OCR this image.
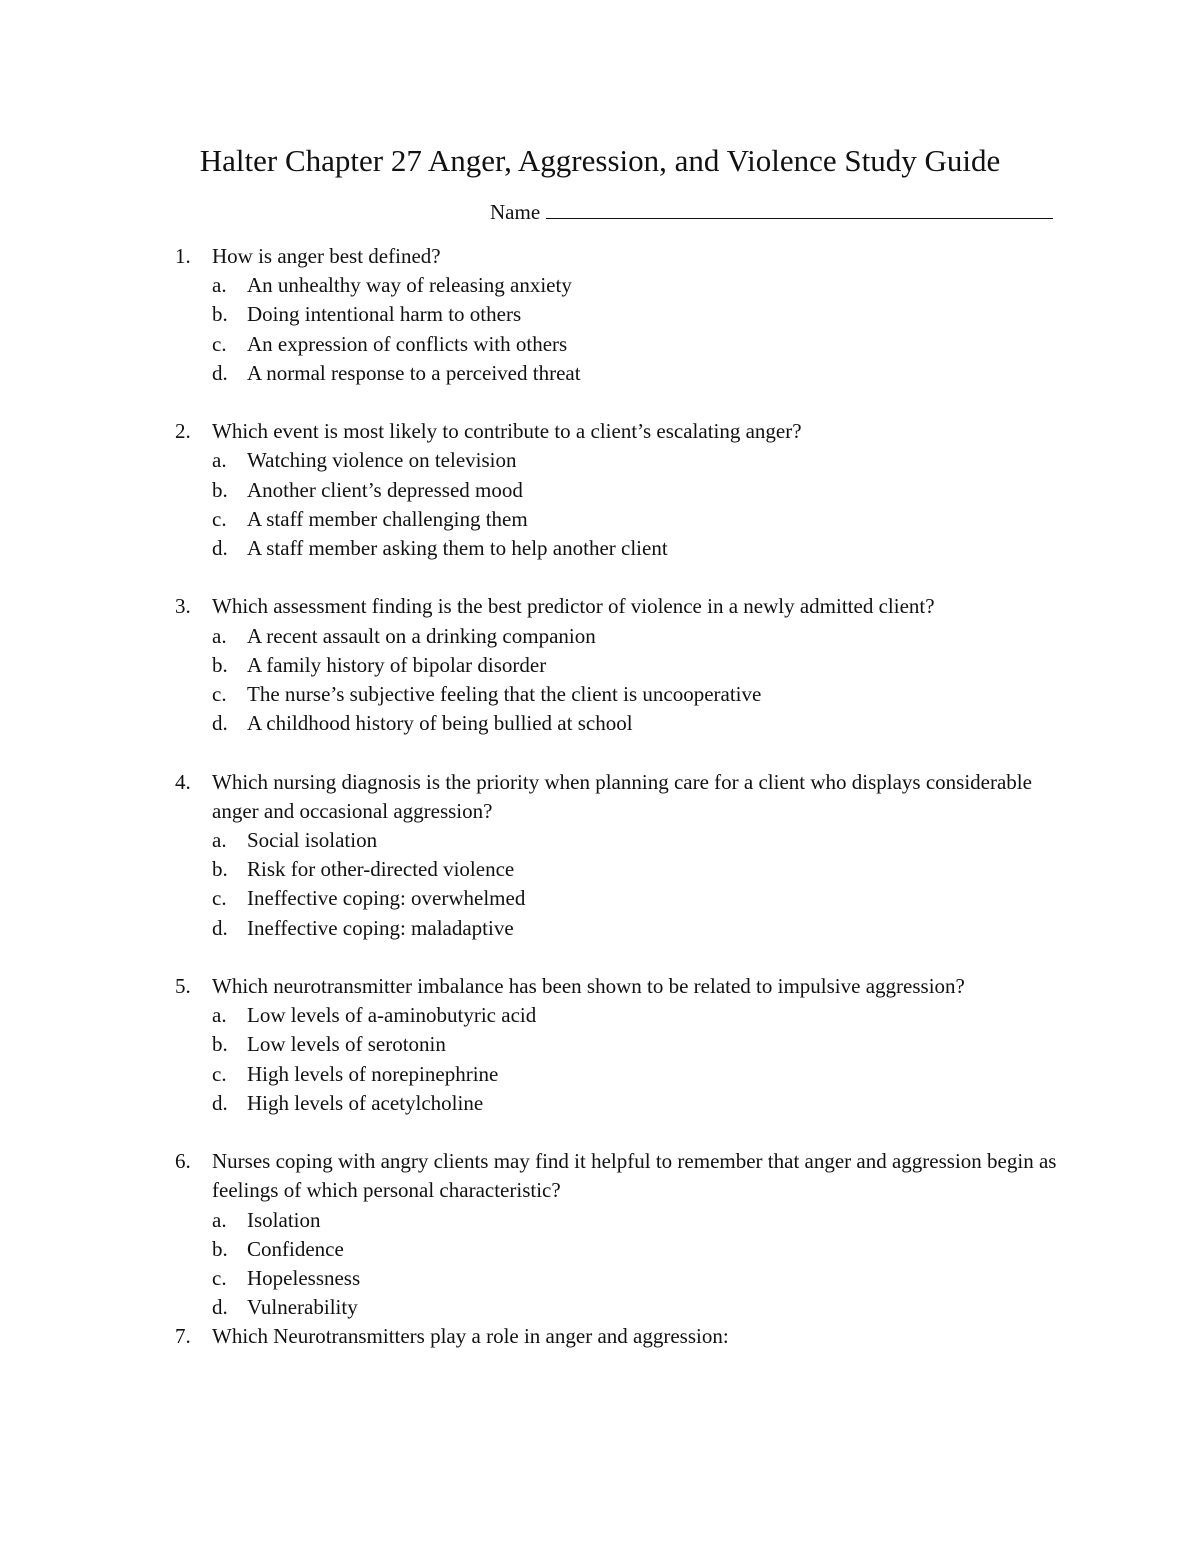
Halter Chapter 27 Anger, Aggression, and Violence Study Guide
Name
1. How is anger best defined?
a. An unhealthy way of releasing anxiety
b. Doing intentional harm to others
c. An expression of conflicts with others
d. A normal response to a perceived threat
2. Which event is most likely to contribute to a client’s escalating anger?
a. Watching violence on television
b. Another client’s depressed mood
c. A staff member challenging them
d. A staff member asking them to help another client
3. Which assessment finding is the best predictor of violence in a newly admitted client?
a. A recent assault on a drinking companion
b. A family history of bipolar disorder
c. The nurse’s subjective feeling that the client is uncooperative
d. A childhood history of being bullied at school
4. Which nursing diagnosis is the priority when planning care for a client who displays considerable anger and occasional aggression?
a. Social isolation
b. Risk for other-directed violence
c. Ineffective coping: overwhelmed
d. Ineffective coping: maladaptive
5. Which neurotransmitter imbalance has been shown to be related to impulsive aggression?
a. Low levels of a-aminobutyric acid
b. Low levels of serotonin
c. High levels of norepinephrine
d. High levels of acetylcholine
6. Nurses coping with angry clients may find it helpful to remember that anger and aggression begin as feelings of which personal characteristic?
a. Isolation
b. Confidence
c. Hopelessness
d. Vulnerability
7. Which Neurotransmitters play a role in anger and aggression:
